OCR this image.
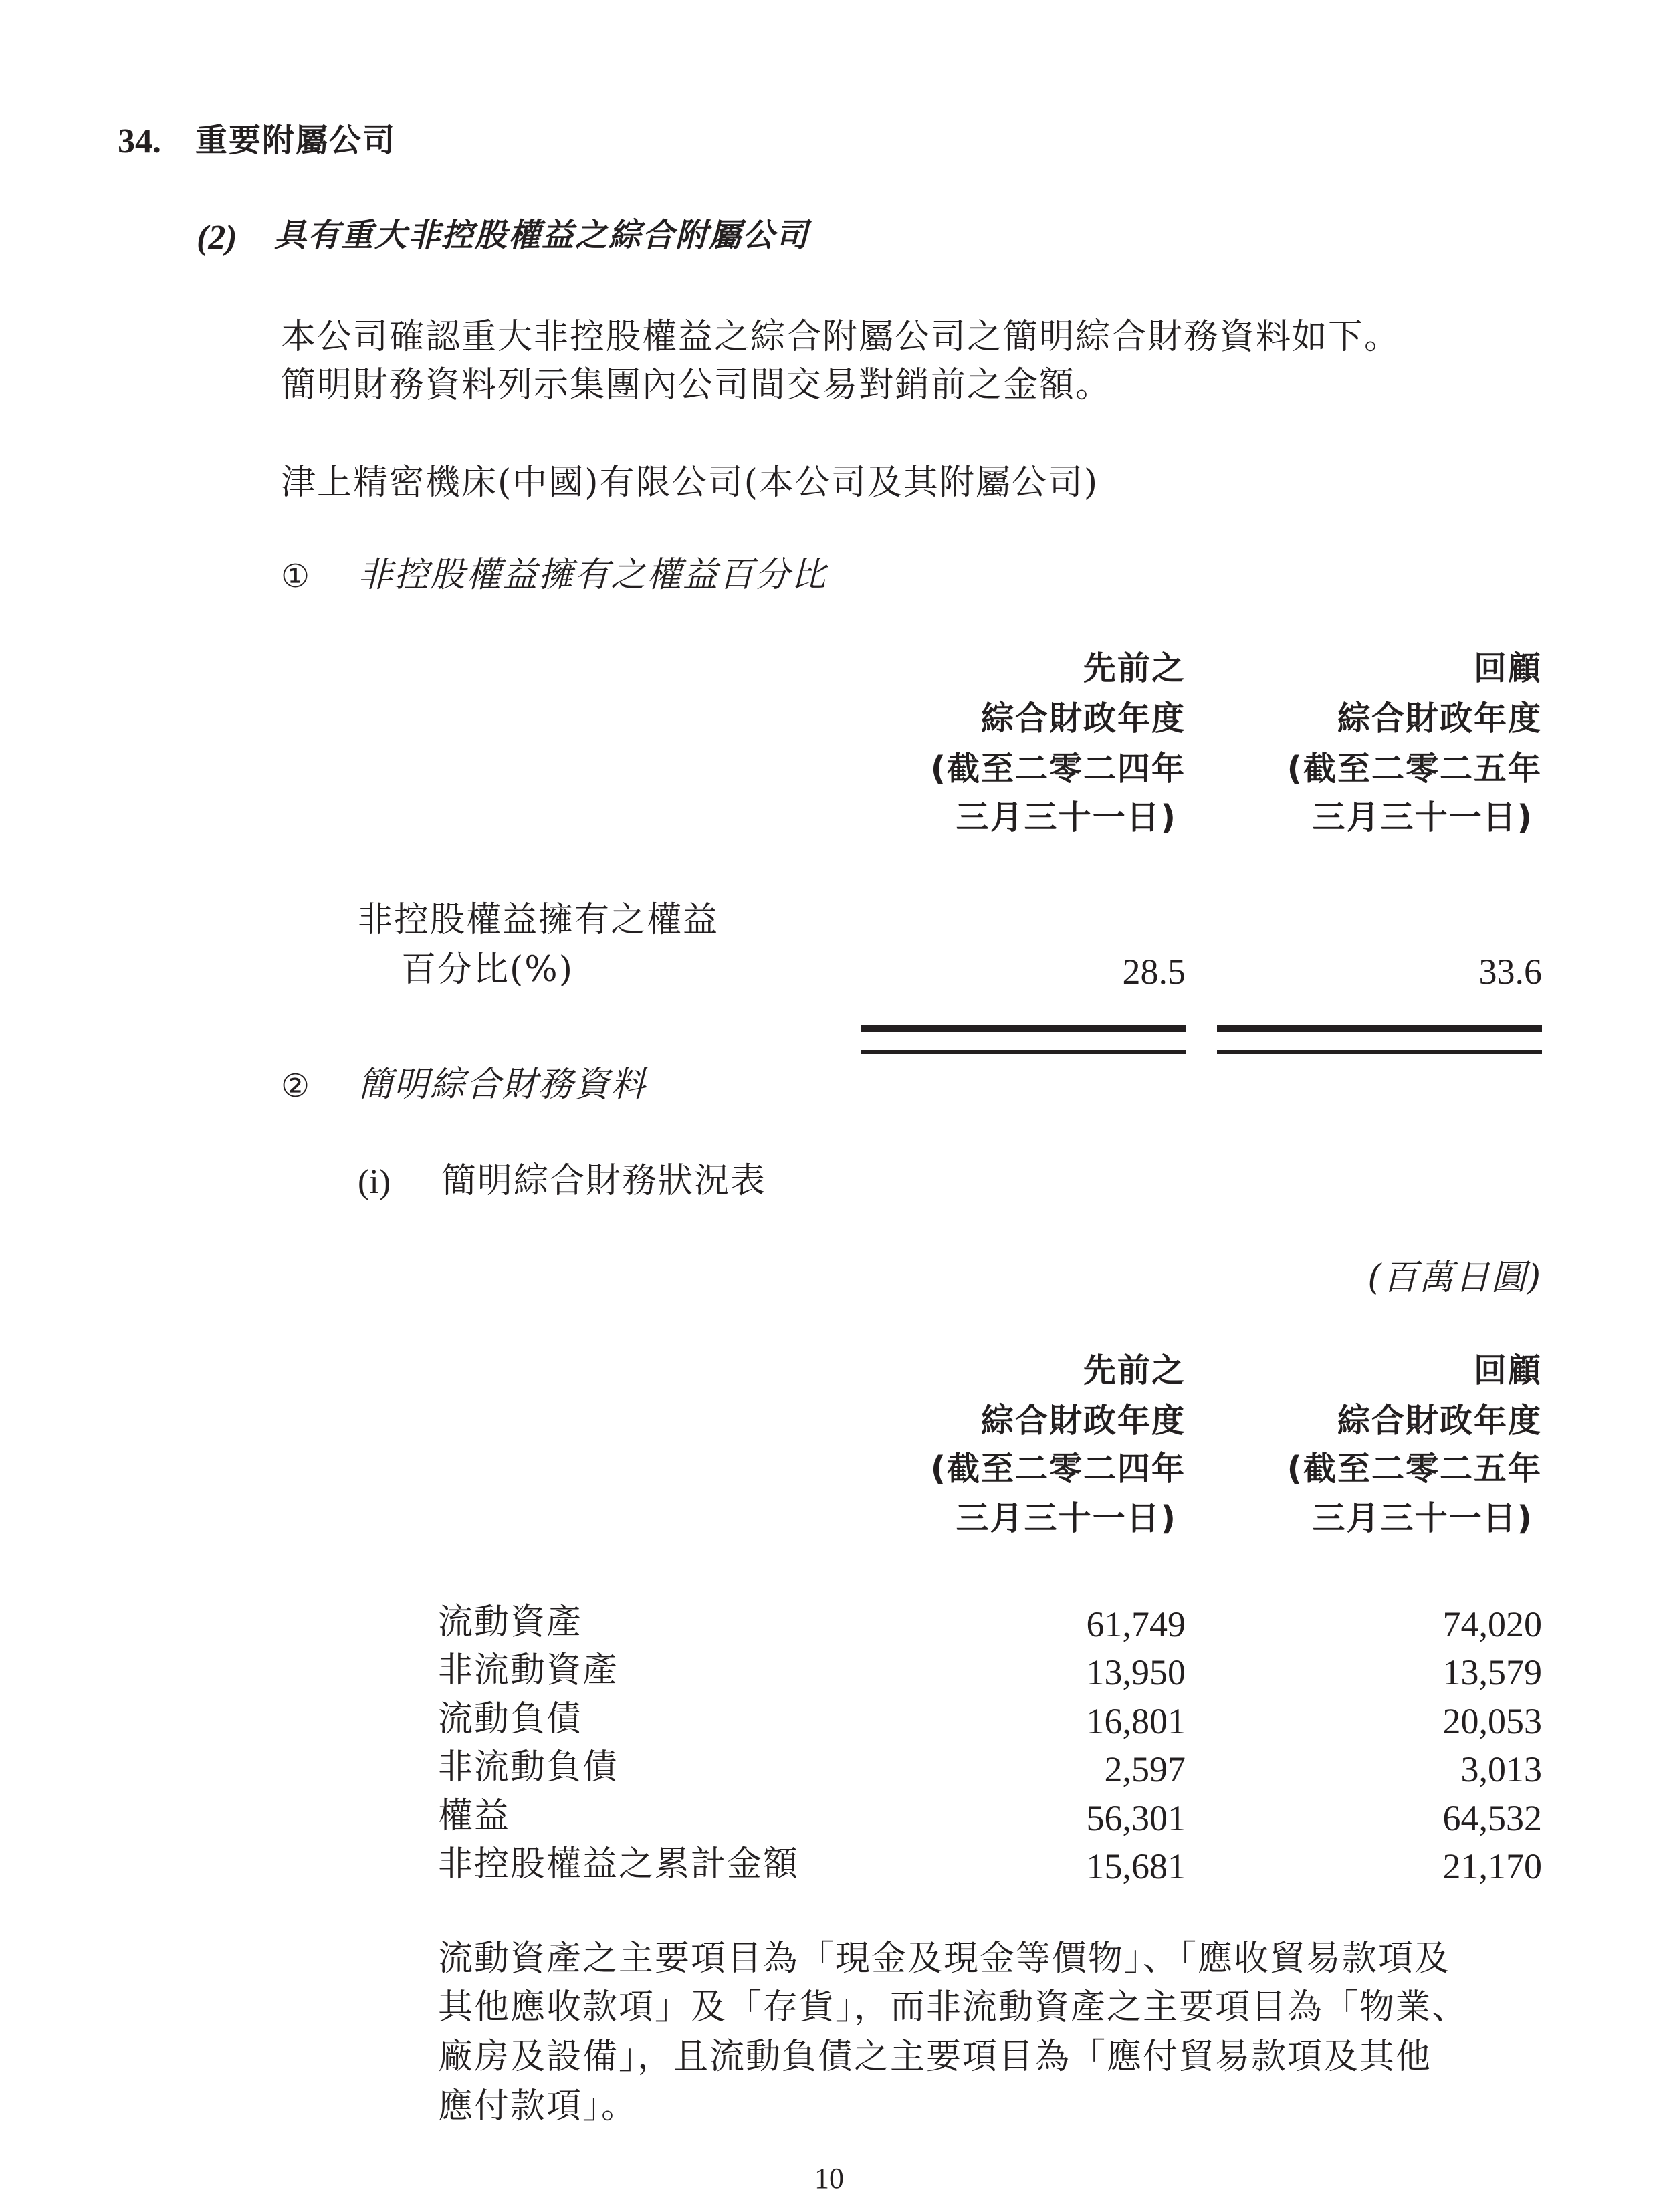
34. 重要附屬公司
(2) 具有重大非控股權益之綜合附屬公司
本公司確認重大非控股權益之綜合附屬公司之簡明綜合財務資料如下。
簡明財務資料列示集團內公司間交易對銷前之金額。
津上精密機床(中國)有限公司(本公司及其附屬公司)
① 非控股權益擁有之權益百分比
先前之
綜合財政年度
(截至二零二四年
三月三十一日)
回顧
綜合財政年度
(截至二零二五年
三月三十一日)
非控股權益擁有之權益
百分比(%)	28.5	33.6
② 簡明綜合財務資料
(i) 簡明綜合財務狀況表
(百萬日圓)
先前之
綜合財政年度
(截至二零二四年
三月三十一日)
回顧
綜合財政年度
(截至二零二五年
三月三十一日)
流動資產	61,749	74,020
非流動資產	13,950	13,579
流動負債	16,801	20,053
非流動負債	2,597	3,013
權益	56,301	64,532
非控股權益之累計金額	15,681	21,170
流動資產之主要項目為「現金及現金等價物」、「應收貿易款項及
其他應收款項」及「存貨」，而非流動資產之主要項目為「物業、
廠房及設備」，且流動負債之主要項目為「應付貿易款項及其他
應付款項」。
10
